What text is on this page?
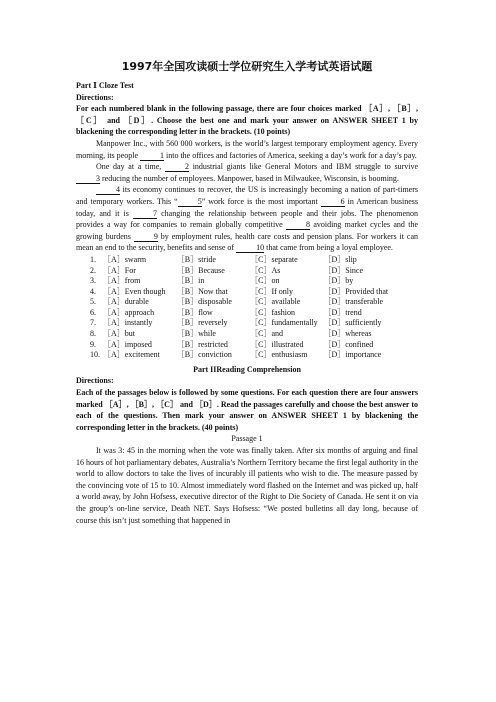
1997年全国攻读硕士学位研究生入学考试英语试题

Part Ⅰ Cloze Test

Directions:

For each numbered blank in the following passage, there are four choices marked ［A］, ［B］, ［C］ and ［D］. Choose the best one and mark your answer on ANSWER SHEET 1 by blackening the corresponding letter in the brackets. (10 points)

Manpower Inc., with 560 000 workers, is the world’s largest temporary employment agency. Every morning, its people	1 into the offices and factories of America, seeking a day’s work for a day’s pay.

One day at a time,	2 industrial giants like General Motors and IBM struggle to survive 3 reducing the number of employees. Manpower, based in Milwaukee, Wisconsin, is booming.

4 its economy continues to recover, the US is increasingly becoming a nation of part-timers and temporary workers. This “	5” work force is the most important	6 in American business today, and it is	7 changing the relationship between people and their jobs. The phenomenon provides a way for companies to remain globally competitive	8 avoiding market cycles and the growing burdens	9 by employment rules, health care costs and pension plans. For workers it can mean an end to the security, benefits and sense of	10 that came from being a loyal employee.

1.	［A］	swarm	［B］	stride	［C］	separate	［D］	slip
2.	［A］	For	［B］	Because	［C］	As	［D］	Since
3.	［A］	from	［B］	in	［C］	on	［D］	by
4.	［A］	Even though	［B］	Now that	［C］	If only	［D］	Provided that
5.	［A］	durable	［B］	disposable	［C］	available	［D］	transferable
6.	［A］	approach	［B］	flow	［C］	fashion	［D］	trend
7.	［A］	instantly	［B］	reversely	［C］	fundamentally	［D］	sufficiently
8.	［A］	but	［B］	while	［C］	and	［D］	whereas
9.	［A］	imposed	［B］	restricted	［C］	illustrated	［D］	confined
10.	［A］	excitement	［B］	conviction	［C］	enthusiasm	［D］	importance

Part IIReading Comprehension

Directions:

Each of the passages below is followed by some questions. For each question there are four answers marked ［A］, ［B］, ［C］ and ［D］. Read the passages carefully and choose the best answer to each of the questions. Then mark your answer on ANSWER SHEET 1 by blackening the corresponding letter in the brackets. (40 points)

Passage 1

It was 3: 45 in the morning when the vote was finally taken. After six months of arguing and final 16 hours of hot parliamentary debates, Australia’s Northern Territory became the first legal authority in the world to allow doctors to take the lives of incurably ill patients who wish to die. The measure passed by the convincing vote of 15 to 10. Almost immediately word flashed on the Internet and was picked up, half a world away, by John Hofsess, executive director of the Right to Die Society of Canada. He sent it on via the group’s on-line service, Death NET. Says Hofsess: “We posted bulletins all day long, because of course this isn’t just something that happened in
